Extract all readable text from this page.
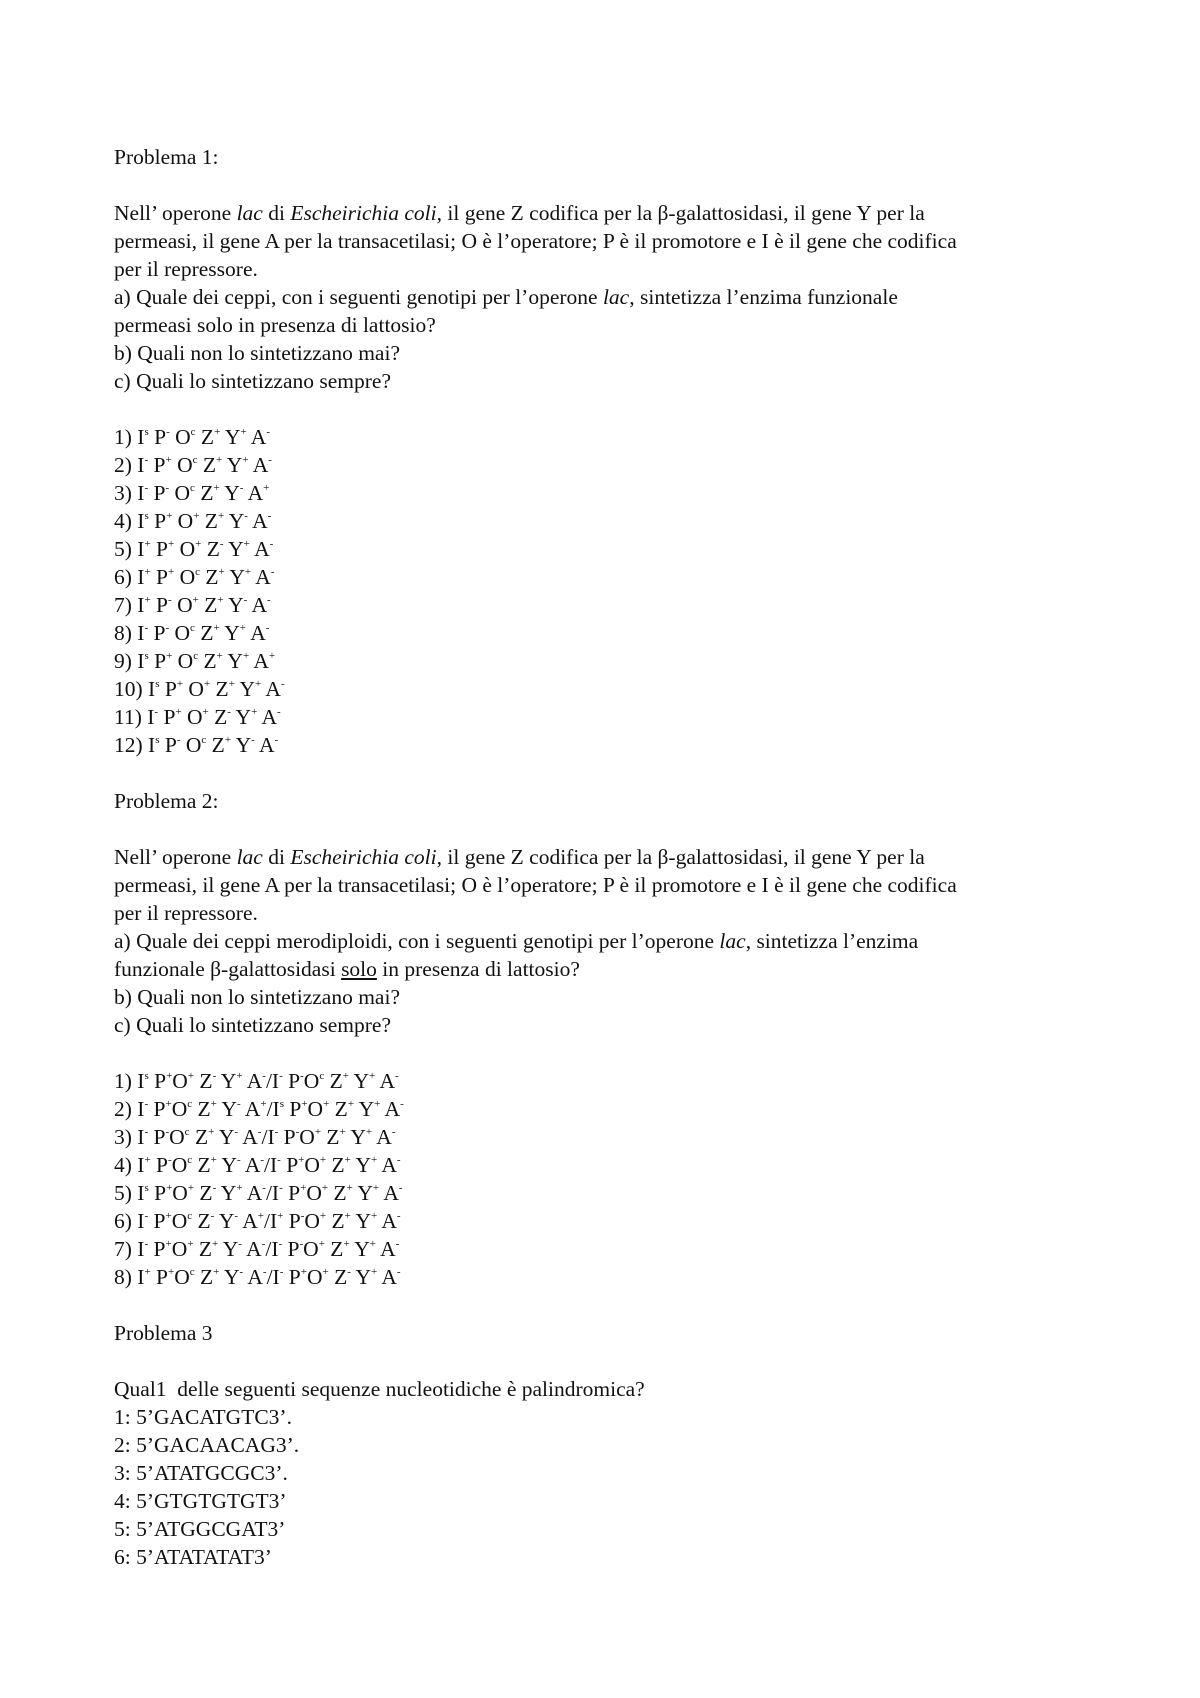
Problema 1:
Nell’ operone lac di Escheirichia coli, il gene Z codifica per la β-galattosidasi, il gene Y per la
permeasi, il gene A per la transacetilasi; O è l’operatore; P è il promotore e I è il gene che codifica
per il repressore.
a) Quale dei ceppi, con i seguenti genotipi per l’operone lac, sintetizza l’enzima funzionale
permeasi solo in presenza di lattosio?
b) Quali non lo sintetizzano mai?
c) Quali lo sintetizzano sempre?
1) $I^s$ P- $O^c$ Z+ Y+ A-
2) I- P+ $O^c$ Z+ Y+ A-
3) I- P- $O^c$ Z+ Y- A+
4) $I^s$ P+ O+ Z+ Y- A-
5) I+ P+ O+ Z- Y+ A-
6) I+ P+ $O^c$ Z+ Y+ A-
7) I+ P- O+ Z+ Y- A-
8) I- P- $O^c$ Z+ Y+ A-
9) $I^s$ P+ $O^c$ Z+ Y+ A+
10) $I^s$ P+ O+ Z+ Y+ A-
11) I- P+ O+ Z- Y+ A-
12) $I^s$ P- $O^c$ Z+ Y- A-
Problema 2:
Nell’ operone lac di Escheirichia coli, il gene Z codifica per la β-galattosidasi, il gene Y per la
permeasi, il gene A per la transacetilasi; O è l’operatore; P è il promotore e I è il gene che codifica
per il repressore.
a) Quale dei ceppi merodiploidi, con i seguenti genotipi per l’operone lac, sintetizza l’enzima
funzionale β-galattosidasi solo in presenza di lattosio?
b) Quali non lo sintetizzano mai?
c) Quali lo sintetizzano sempre?
1) $I^s$ P+O+ Z- Y+ A-/I- $P^-O^c$ Z+ Y+ A-
2) I- $P^+O^c$ Z+ Y- $A^+/I^s$ P+O+ Z+ Y+ A-
3) I- $P^-O^c$ Z+ Y- A-/I- P-O+ Z+ Y+ A-
4) I+ $P^-O^c$ Z+ Y- A-/I- P+O+ Z+ Y+ A-
5) $I^s$ P+O+ Z- Y+ A-/I- P+O+ Z+ Y+ A-
6) I- $P^+O^c$ Z- Y- A+/I+ P-O+ Z+ Y+ A-
7) I- P+O+ Z+ Y- A-/I- P-O+ Z+ Y+ A-
8) I+ $P^+O^c$ Z+ Y- A-/I- P+O+ Z- Y+ A-
Problema 3
Qual1  delle seguenti sequenze nucleotidiche è palindromica?
1: 5’GACATGTC3’.
2: 5’GACAACAG3’.
3: 5’ATATGCGC3’.
4: 5’GTGTGTGT3’
5: 5’ATGGCGAT3’
6: 5’ATATATAT3’
